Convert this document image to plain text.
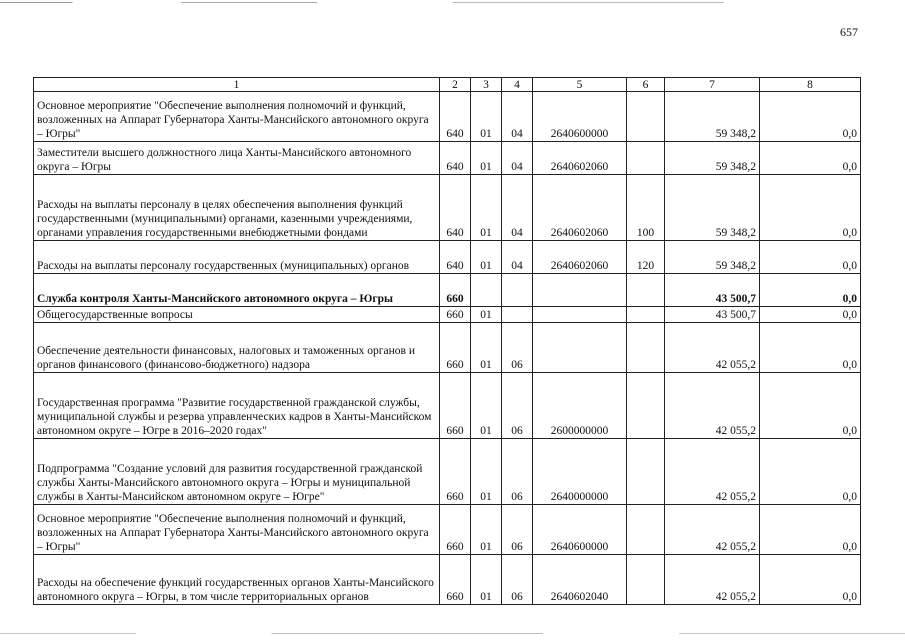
657
1	2	3	4	5	6	7	8
Основное мероприятие "Обеспечение выполнения полномочий и функций, возложенных на Аппарат Губернатора Ханты-Мансийского автономного округа – Югры"	640	01	04	2640600000		59 348,2	0,0
Заместители высшего должностного лица Ханты-Мансийского автономного округа – Югры	640	01	04	2640602060		59 348,2	0,0
Расходы на выплаты персоналу в целях обеспечения выполнения функций государственными (муниципальными) органами, казенными учреждениями, органами управления государственными внебюджетными фондами	640	01	04	2640602060	100	59 348,2	0,0
Расходы на выплаты персоналу государственных (муниципальных) органов	640	01	04	2640602060	120	59 348,2	0,0
Служба контроля Ханты-Мансийского автономного округа – Югры	660					43 500,7	0,0
Общегосударственные вопросы	660	01				43 500,7	0,0
Обеспечение деятельности финансовых, налоговых и таможенных органов и органов финансового (финансово-бюджетного) надзора	660	01	06			42 055,2	0,0
Государственная программа "Развитие государственной гражданской службы, муниципальной службы и резерва управленческих кадров в Ханты-Мансийском автономном округе – Югре в 2016–2020 годах"	660	01	06	2600000000		42 055,2	0,0
Подпрограмма "Создание условий для развития государственной гражданской службы Ханты-Мансийского автономного округа – Югры и муниципальной службы в Ханты-Мансийском автономном округе – Югре"	660	01	06	2640000000		42 055,2	0,0
Основное мероприятие "Обеспечение выполнения полномочий и функций, возложенных на Аппарат Губернатора Ханты-Мансийского автономного округа – Югры"	660	01	06	2640600000		42 055,2	0,0
Расходы на обеспечение функций государственных органов Ханты-Мансийского автономного округа – Югры, в том числе территориальных органов	660	01	06	2640602040		42 055,2	0,0
